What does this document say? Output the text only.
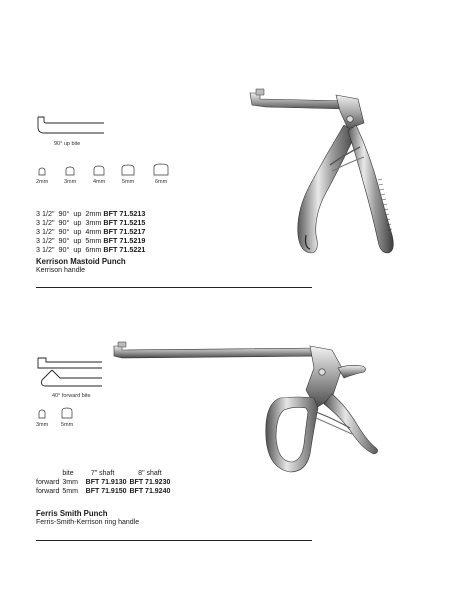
90° up bite
2mm	3mm	4mm	5mm	6mm
3 1/2" 90° up 2mm BFT 71.5213
3 1/2" 90° up 3mm BFT 71.5215
3 1/2" 90° up 4mm BFT 71.5217
3 1/2" 90° up 5mm BFT 71.5219
3 1/2" 90° up 6mm BFT 71.5221
Kerrison Mastoid Punch
Kerrison handle
40° forward bite
3mm 5mm
	bite	7" shaft	8" shaft
forward	3mm	BFT 71.9130	BFT 71.9230
forward	5mm	BFT 71.9150	BFT 71.9240
Ferris Smith Punch
Ferris-Smith-Kerrison ring handle
